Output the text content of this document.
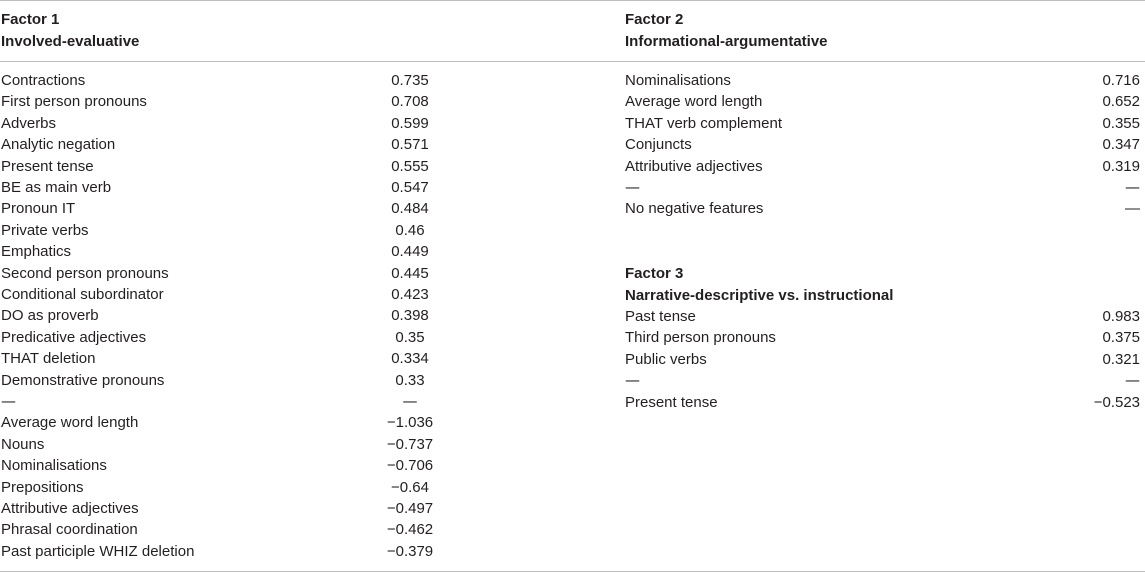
Factor 1
Involved-evaluative
Contractions	0.735
First person pronouns	0.708
Adverbs	0.599
Analytic negation	0.571
Present tense	0.555
BE as main verb	0.547
Pronoun IT	0.484
Private verbs	0.46
Emphatics	0.449
Second person pronouns	0.445
Conditional subordinator	0.423
DO as proverb	0.398
Predicative adjectives	0.35
THAT deletion	0.334
Demonstrative pronouns	0.33
—	—
Average word length	−1.036
Nouns	−0.737
Nominalisations	−0.706
Prepositions	−0.64
Attributive adjectives	−0.497
Phrasal coordination	−0.462
Past participle WHIZ deletion	−0.379
Factor 2
Informational-argumentative
Nominalisations	0.716
Average word length	0.652
THAT verb complement	0.355
Conjuncts	0.347
Attributive adjectives	0.319
—	—
No negative features	—
Factor 3
Narrative-descriptive vs. instructional
Past tense	0.983
Third person pronouns	0.375
Public verbs	0.321
—	—
Present tense	−0.523
